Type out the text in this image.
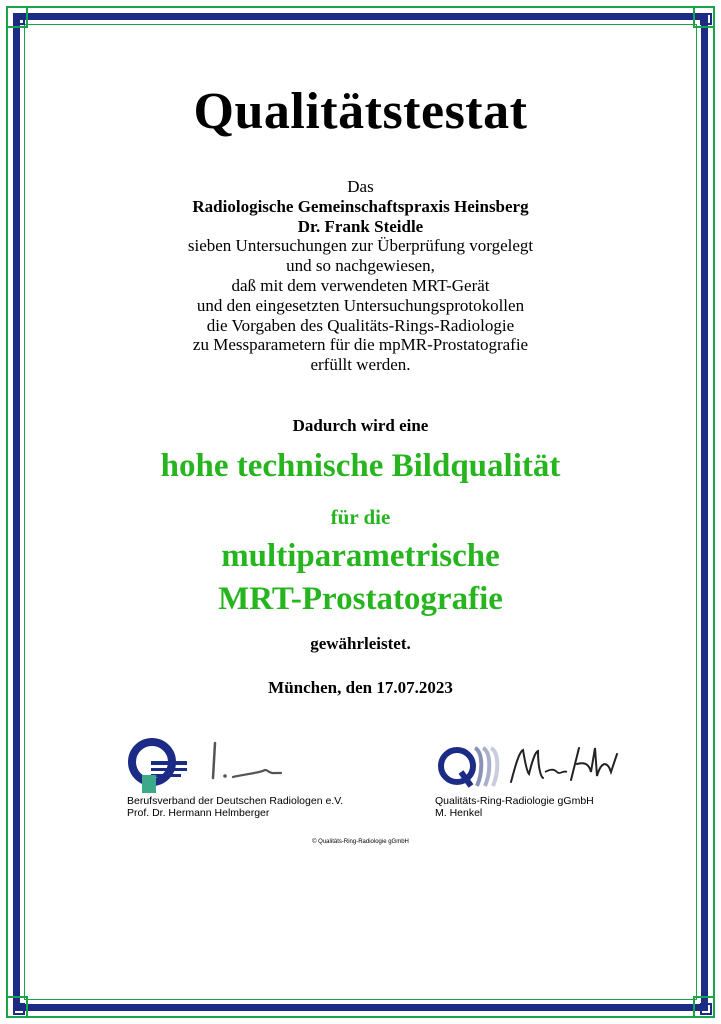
Qualitätstestat
Das
Radiologische Gemeinschaftspraxis Heinsberg
Dr. Frank Steidle
sieben Untersuchungen zur Überprüfung vorgelegt
und so nachgewiesen,
daß mit dem verwendeten MRT-Gerät
und den eingesetzten Untersuchungsprotokollen
die Vorgaben des Qualitäts-Rings-Radiologie
zu Messparametern für die mpMR-Prostatografie
erfüllt werden.
Dadurch wird eine
hohe technische Bildqualität
für die
multiparametrische
MRT-Prostatografie
gewährleistet.
München, den 17.07.2023
Berufsverband der Deutschen Radiologen e.V.
Prof. Dr. Hermann Helmberger
Qualitäts-Ring-Radiologie gGmbH
M. Henkel
© Qualitäts-Ring-Radiologie gGmbH
